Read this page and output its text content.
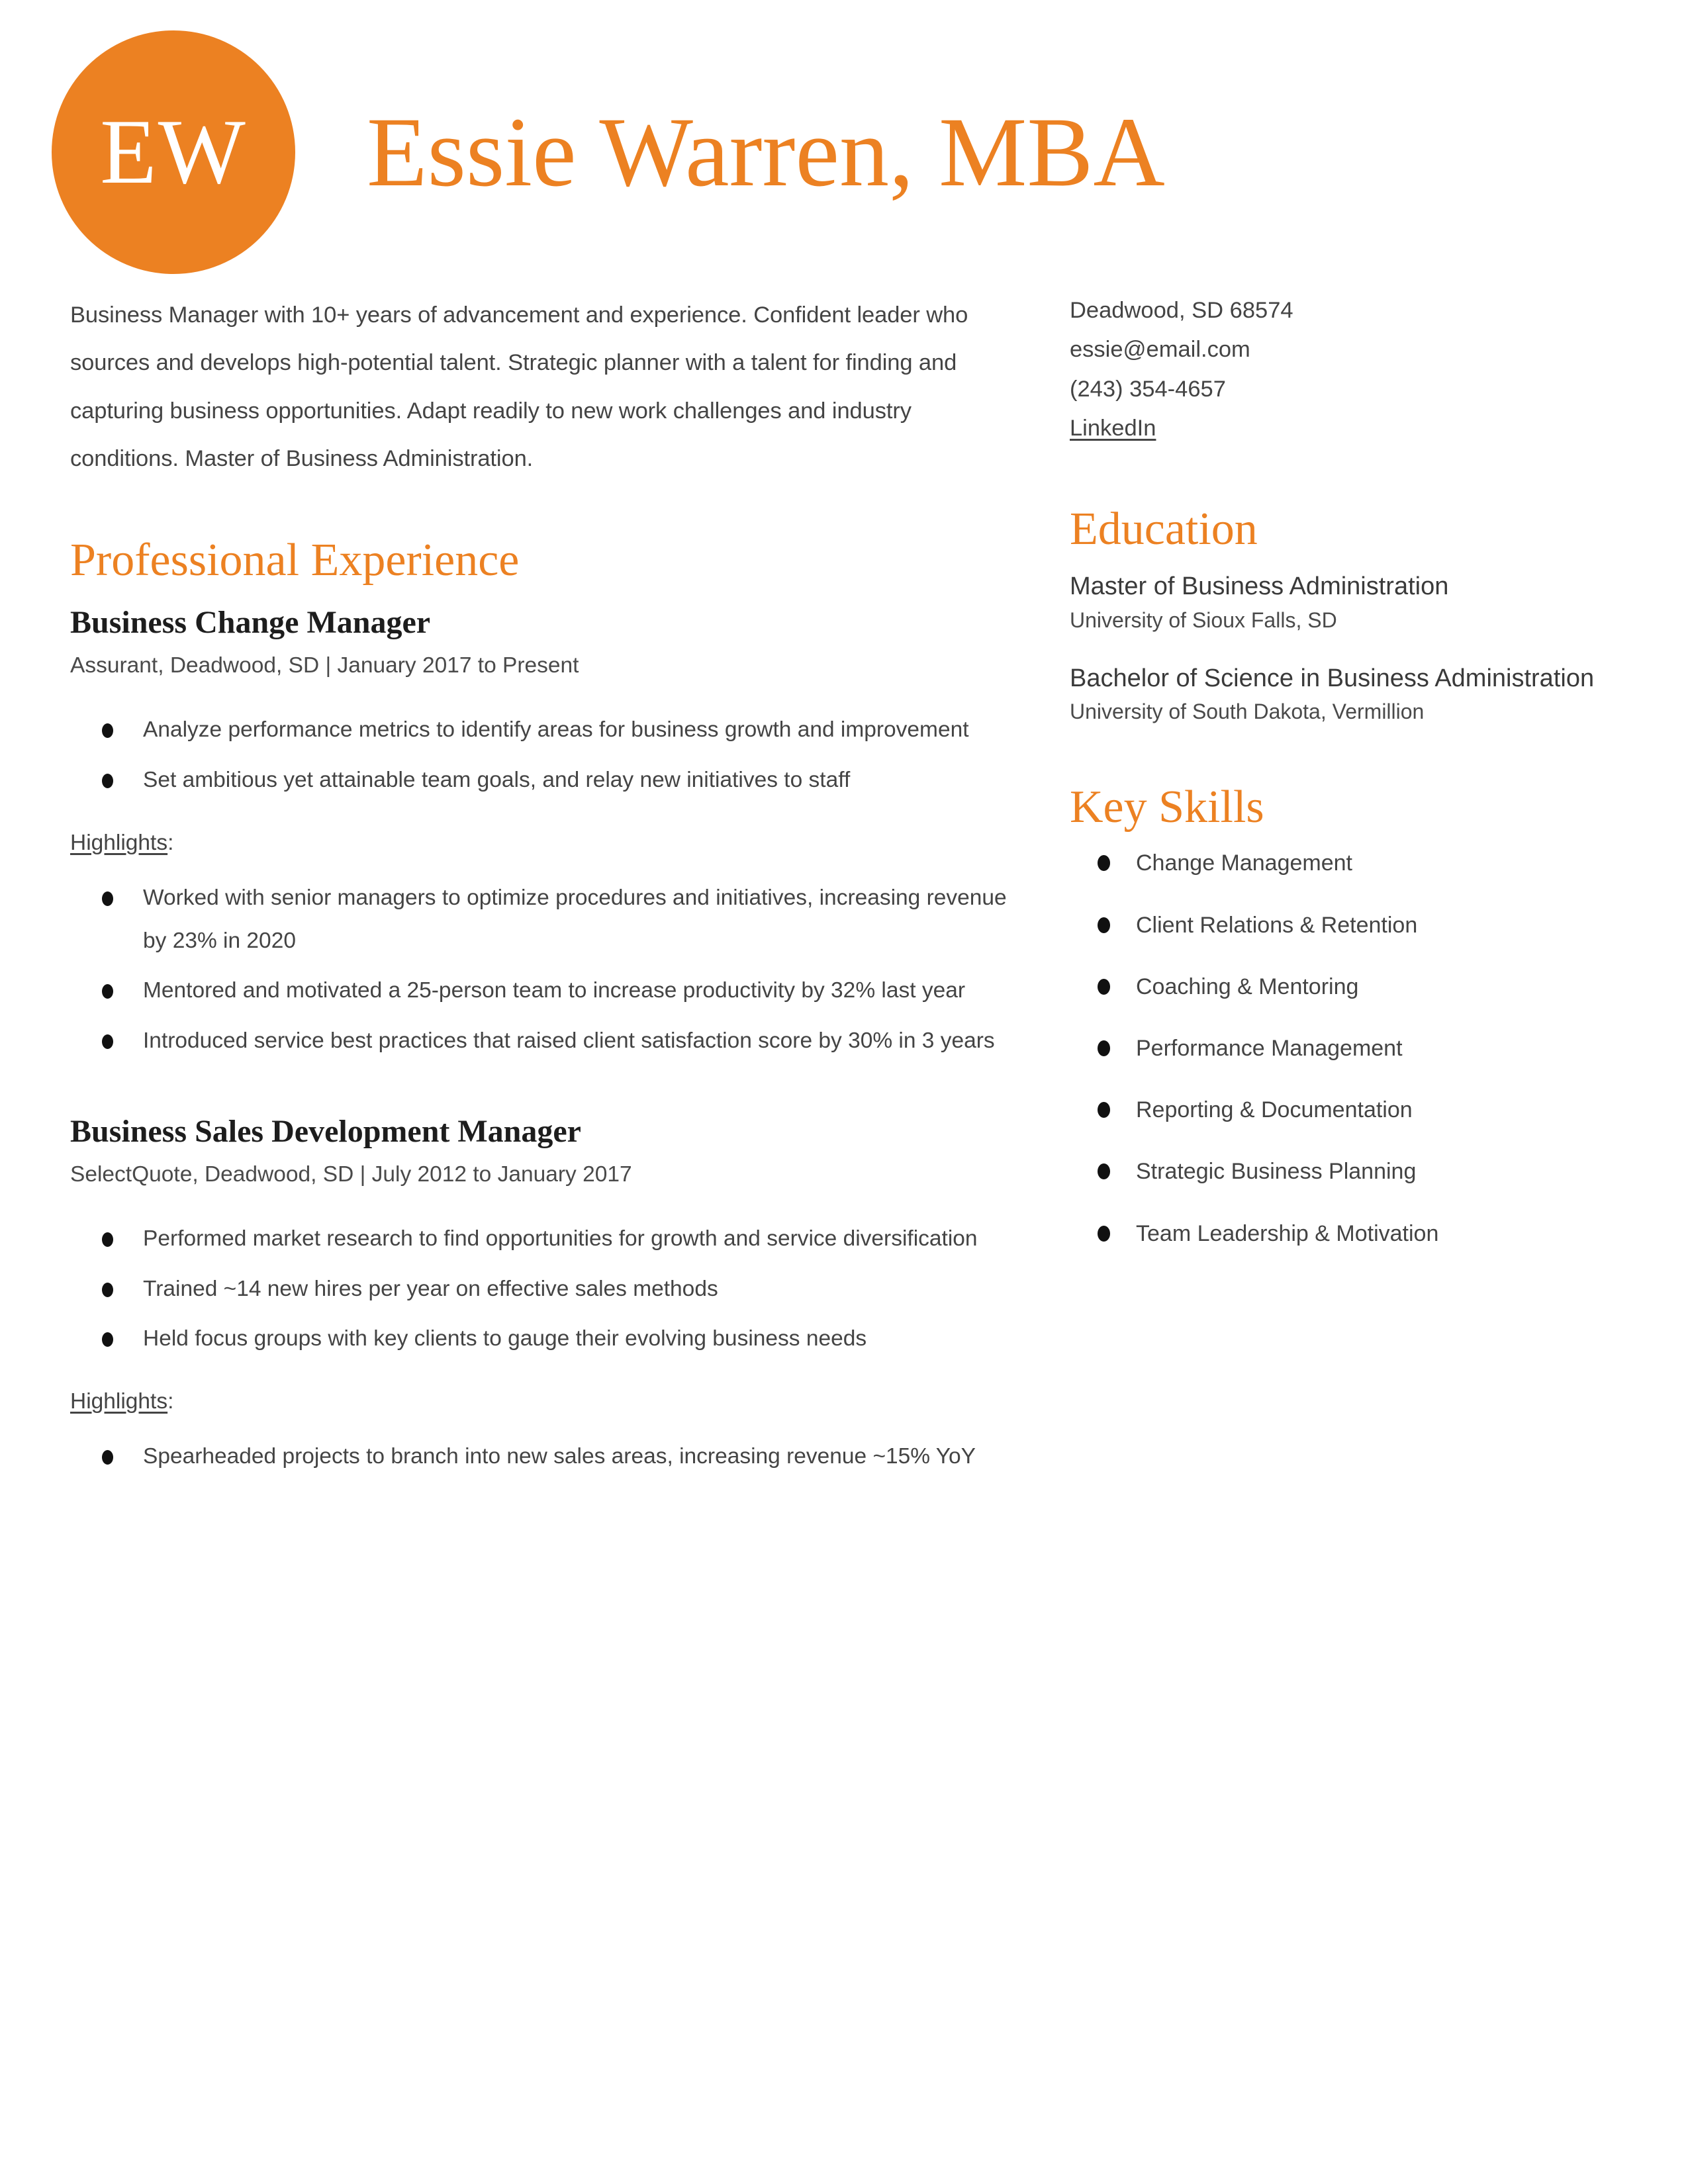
EW Essie Warren, MBA

Business Manager with 10+ years of advancement and experience. Confident leader who sources and develops high-potential talent. Strategic planner with a talent for finding and capturing business opportunities. Adapt readily to new work challenges and industry conditions. Master of Business Administration.

Professional Experience
Business Change Manager

Assurant, Deadwood, SD | January 2017 to Present

Analyze performance metrics to identify areas for business growth and improvement
Set ambitious yet attainable team goals, and relay new initiatives to staff

Highlights:

Worked with senior managers to optimize procedures and initiatives, increasing revenue by 23% in 2020
Mentored and motivated a 25-person team to increase productivity by 32% last year
Introduced service best practices that raised client satisfaction score by 30% in 3 years
Business Sales Development Manager

SelectQuote, Deadwood, SD | July 2012 to January 2017

Performed market research to find opportunities for growth and service diversification
Trained ~14 new hires per year on effective sales methods
Held focus groups with key clients to gauge their evolving business needs

Highlights:

Spearheaded projects to branch into new sales areas, increasing revenue ~15% YoY

Deadwood, SD 68574

essie@email.com

(243) 354-4657

LinkedIn

Education

Master of Business Administration

University of Sioux Falls, SD

Bachelor of Science in Business Administration

University of South Dakota, Vermillion

Key Skills
Change Management
Client Relations & Retention
Coaching & Mentoring
Performance Management
Reporting & Documentation
Strategic Business Planning
Team Leadership & Motivation
